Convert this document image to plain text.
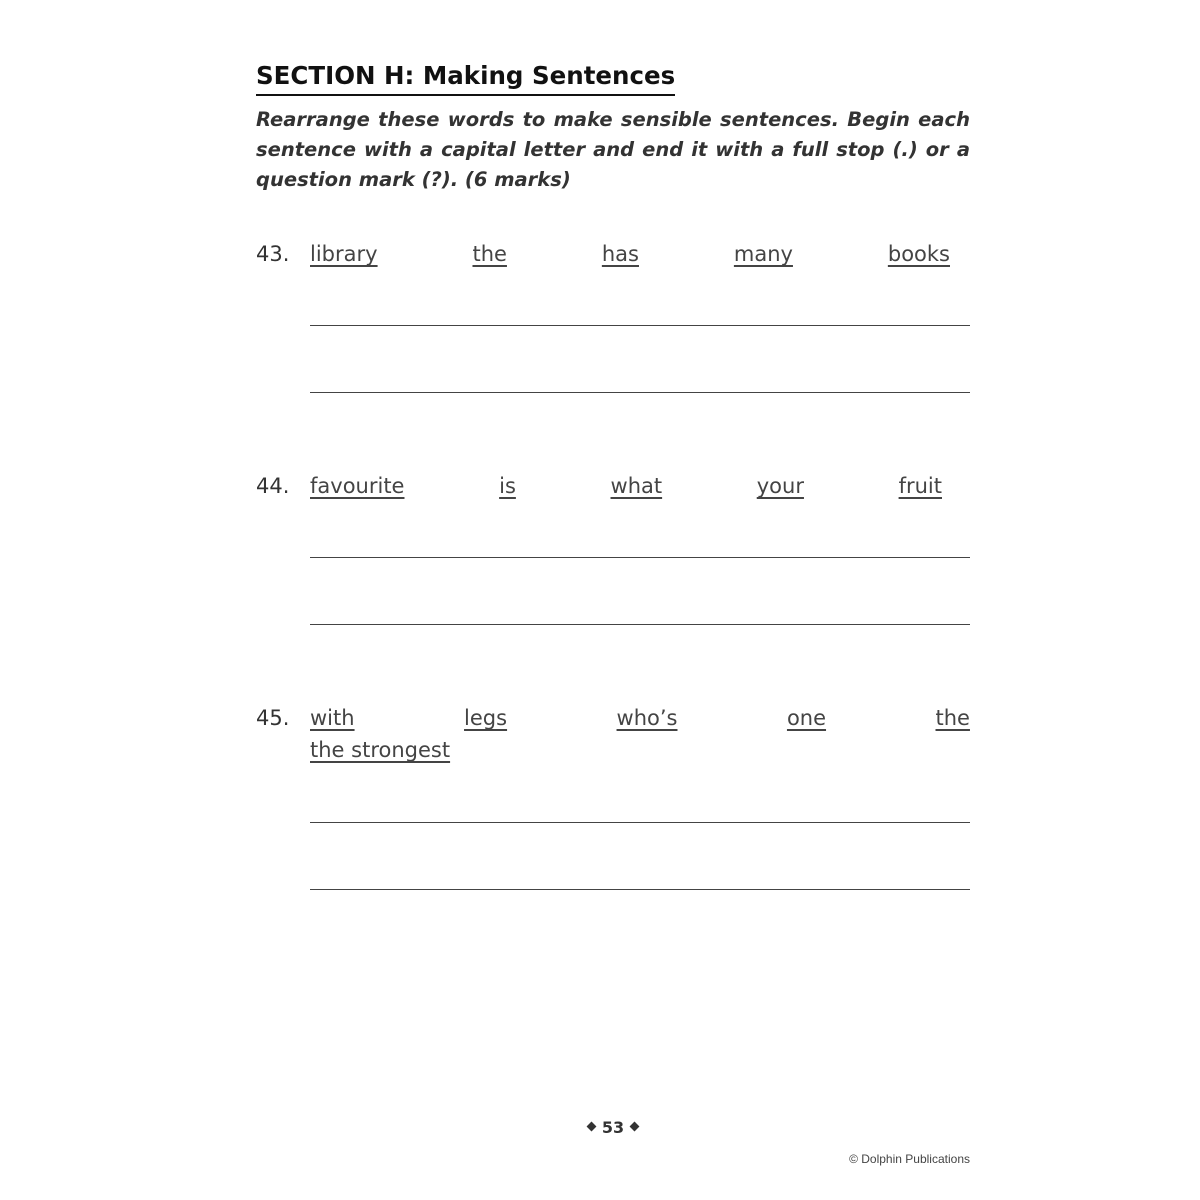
SECTION H: Making Sentences
Rearrange these words to make sensible sentences. Begin each sentence with a capital letter and end it with a full stop (.) or a question mark (?). (6 marks)
43. library	the	has	many	books
44. favourite	is	what	your	fruit
45. with	legs	who’s	one	the
the strongest
53
© Dolphin Publications
